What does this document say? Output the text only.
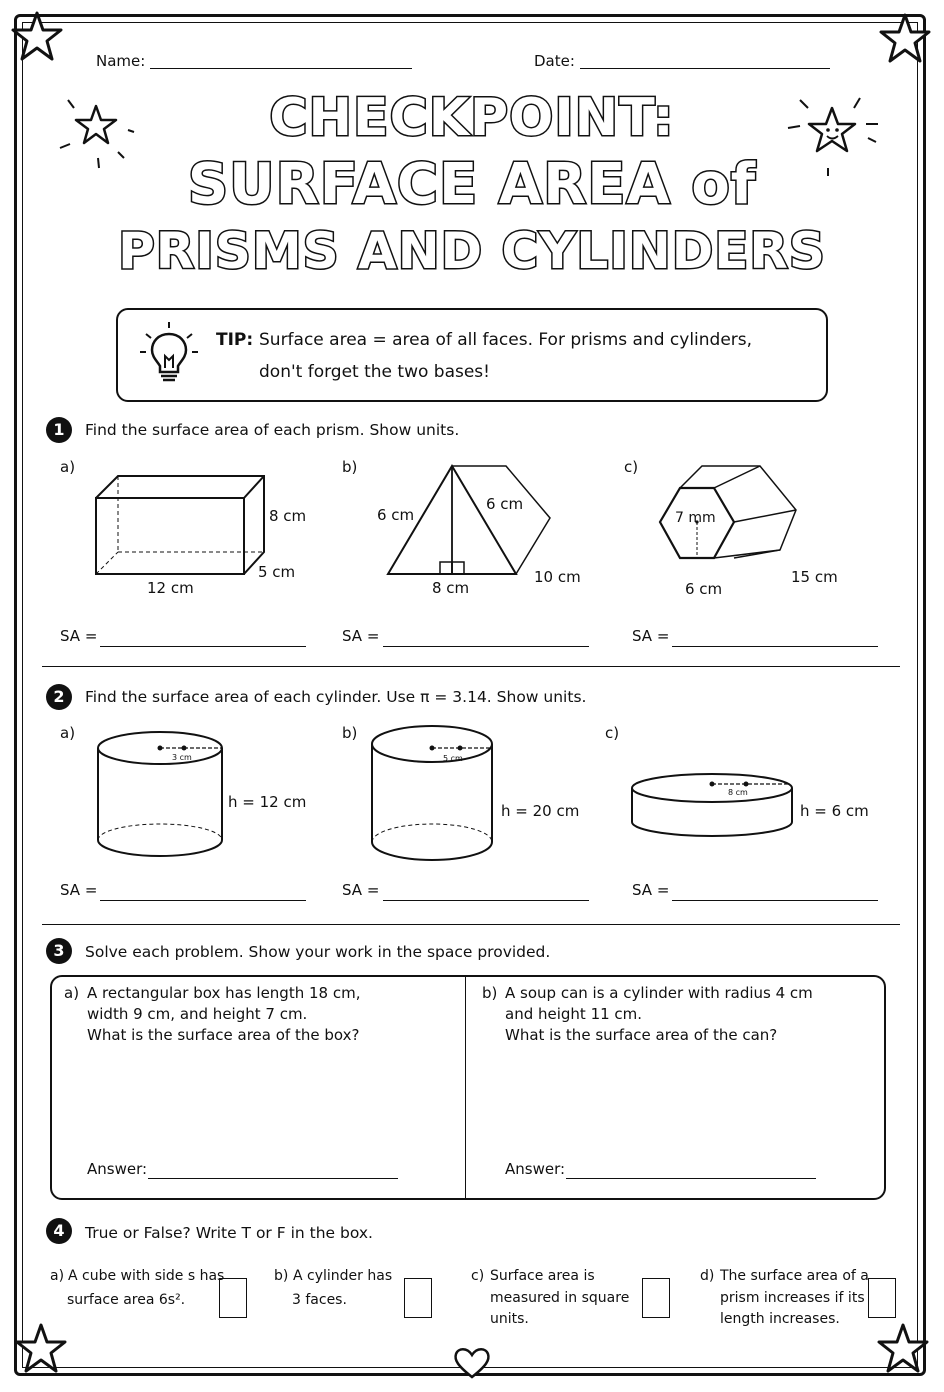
Name:	Date:
CHECKPOINT:
SURFACE AREA of
PRISMS AND CYLINDERS
TIP: Surface area = area of all faces. For prisms and cylinders,
don't forget the two bases!
1	Find the surface area of each prism. Show units.
a)	b)	c)
8 cm
5 cm
12 cm
6 cm
6 cm
8 cm
10 cm
7 mm
6 cm
15 cm
SA =	SA =	SA =
2	Find the surface area of each cylinder. Use π = 3.14. Show units.
a)	b)	c)
3 cm
h = 12 cm
5 cm
h = 20 cm
8 cm
h = 6 cm
SA =	SA =	SA =
3	Solve each problem. Show your work in the space provided.
a) A rectangular box has length 18 cm,
width 9 cm, and height 7 cm.
What is the surface area of the box?
Answer:
b) A soup can is a cylinder with radius 4 cm
and height 11 cm.
What is the surface area of the can?
Answer:
4	True or False? Write T or F in the box.
a) A cube with side s has
surface area 6s².
b) A cylinder has
3 faces.
c) Surface area is
measured in square
units.
d) The surface area of a
prism increases if its
length increases.
